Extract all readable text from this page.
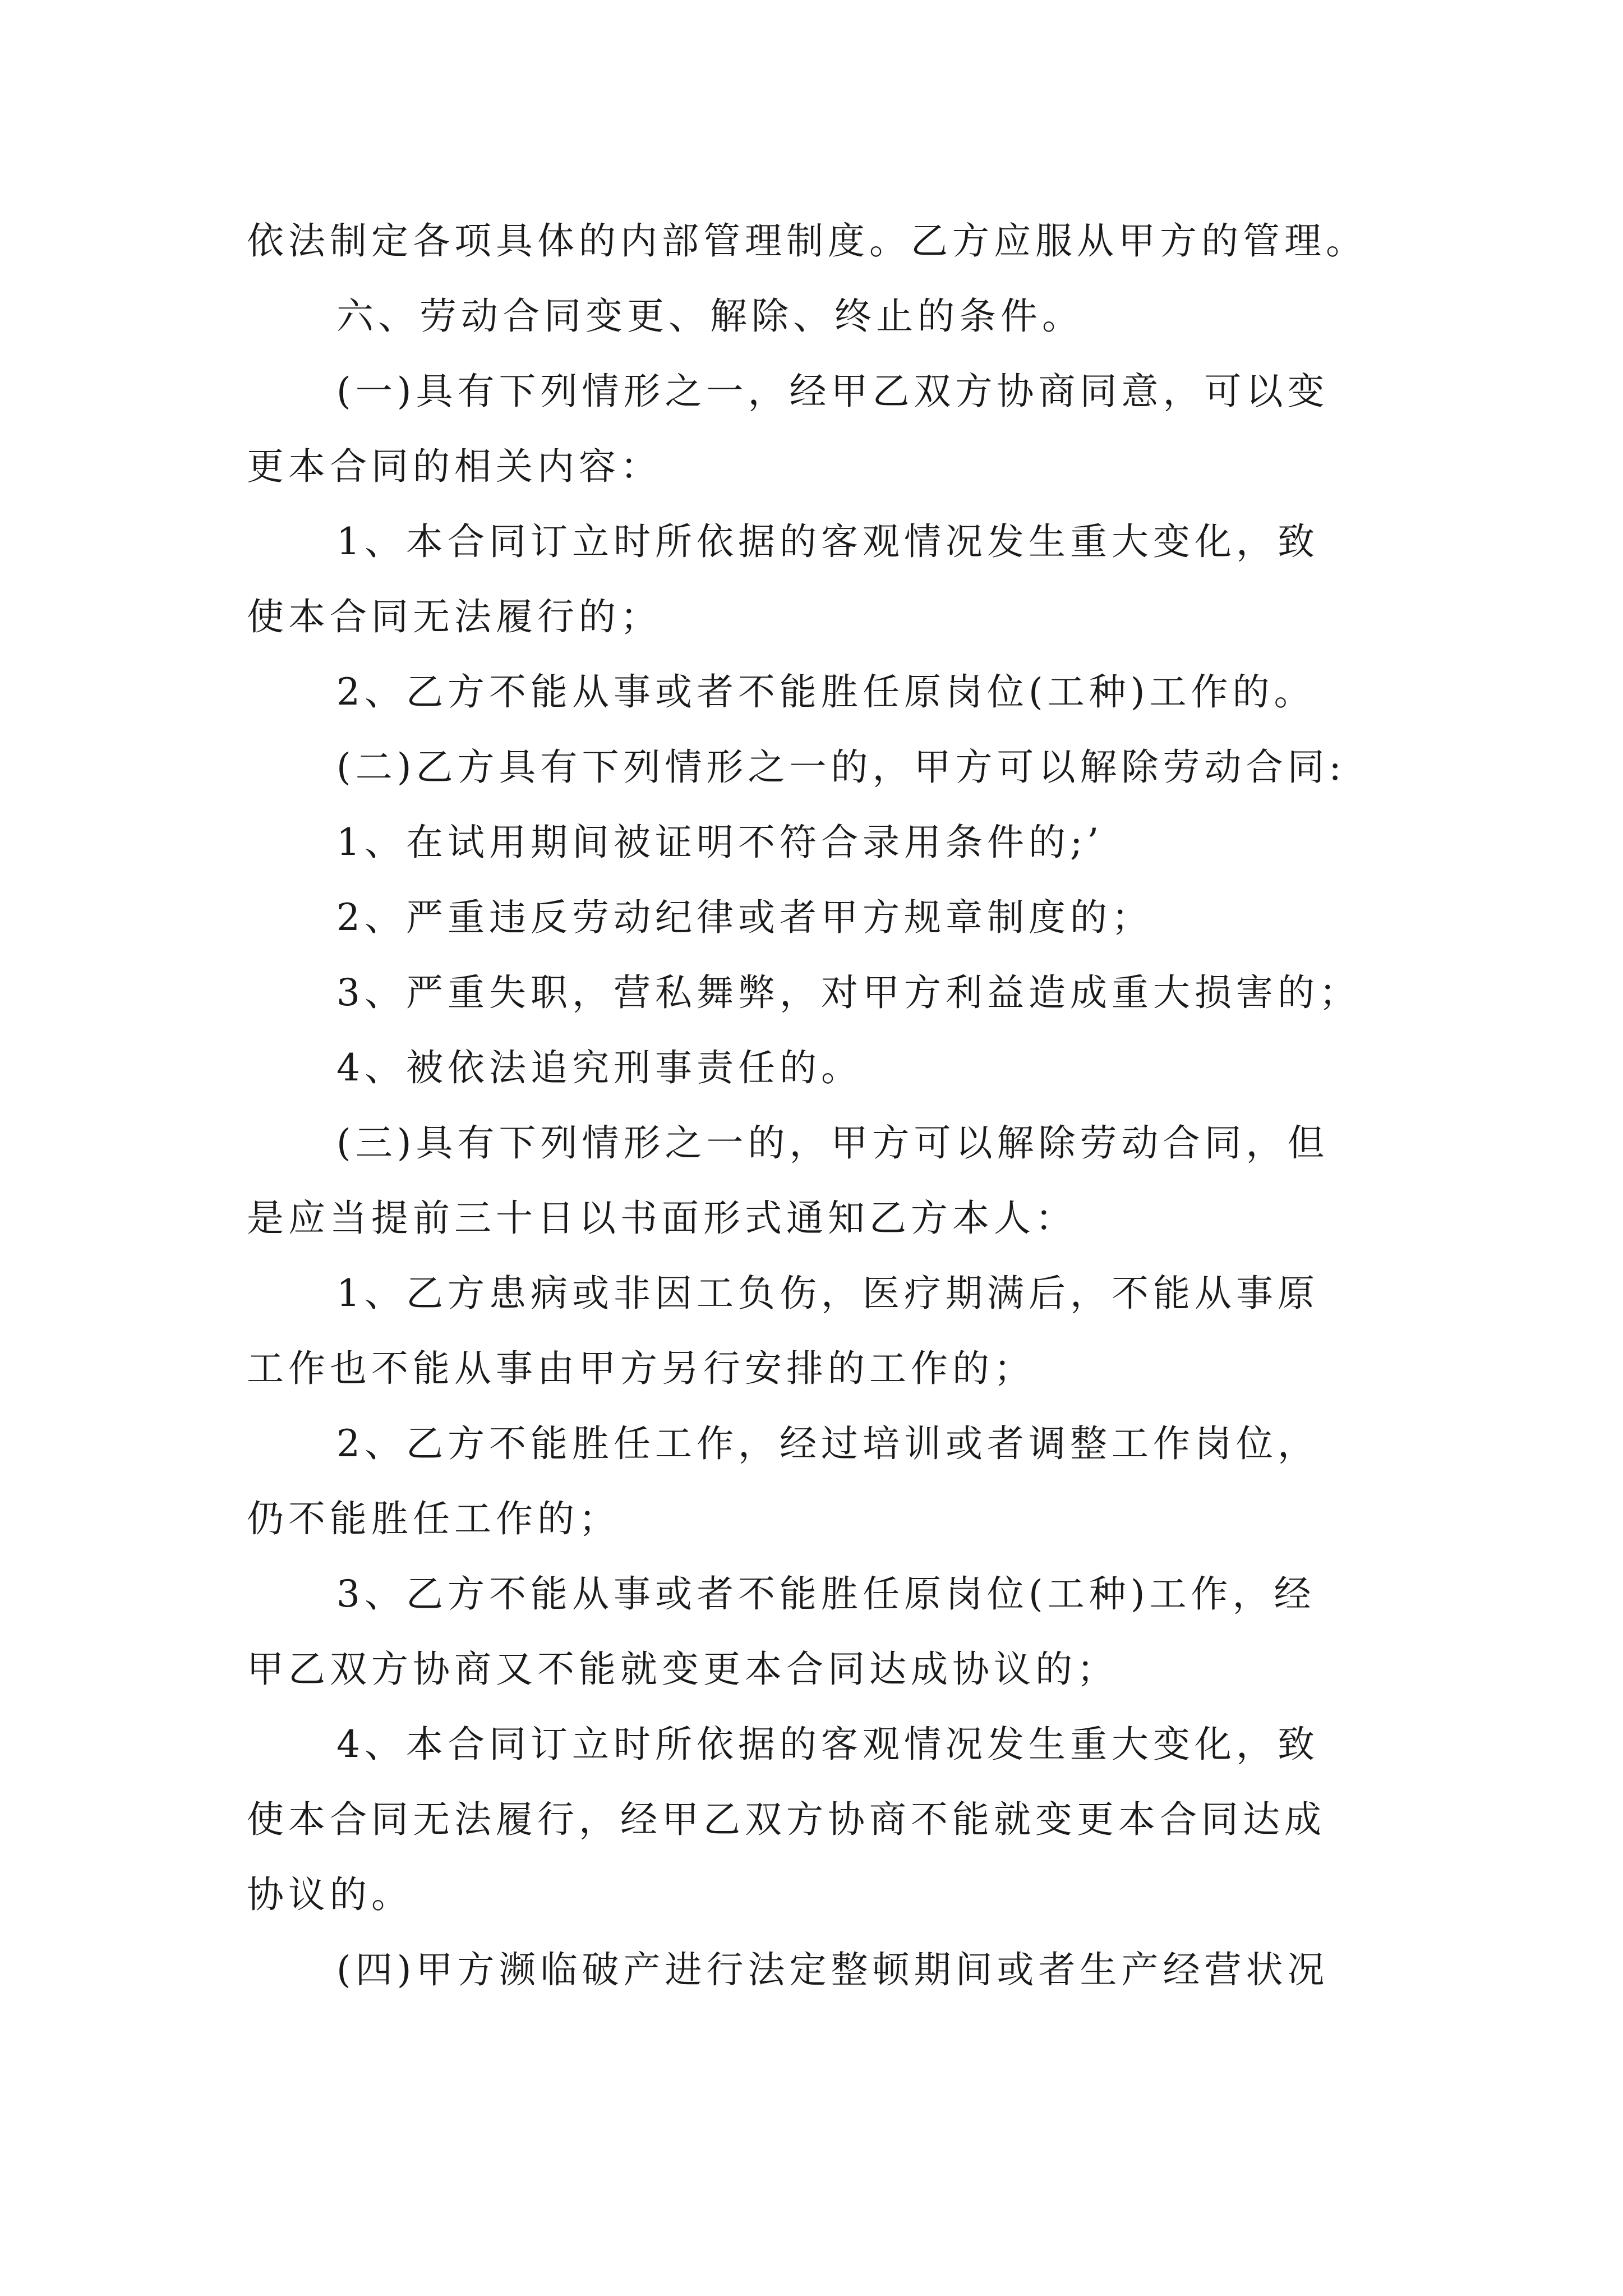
依法制定各项具体的内部管理制度。乙方应服从甲方的管理。
六、劳动合同变更、解除、终止的条件。
(一)具有下列情形之一，经甲乙双方协商同意，可以变
更本合同的相关内容：
1、本合同订立时所依据的客观情况发生重大变化，致
使本合同无法履行的；
2、乙方不能从事或者不能胜任原岗位(工种)工作的。
(二)乙方具有下列情形之一的，甲方可以解除劳动合同:
1、在试用期间被证明不符合录用条件的;’
2、严重违反劳动纪律或者甲方规章制度的；
3、严重失职，营私舞弊，对甲方利益造成重大损害的；
4、被依法追究刑事责任的。
(三)具有下列情形之一的，甲方可以解除劳动合同，但
是应当提前三十日以书面形式通知乙方本人：
1、乙方患病或非因工负伤，医疗期满后，不能从事原
工作也不能从事由甲方另行安排的工作的；
2、乙方不能胜任工作，经过培训或者调整工作岗位，
仍不能胜任工作的；
3、乙方不能从事或者不能胜任原岗位(工种)工作，经
甲乙双方协商又不能就变更本合同达成协议的；
4、本合同订立时所依据的客观情况发生重大变化，致
使本合同无法履行，经甲乙双方协商不能就变更本合同达成
协议的。
(四)甲方濒临破产进行法定整顿期间或者生产经营状况
